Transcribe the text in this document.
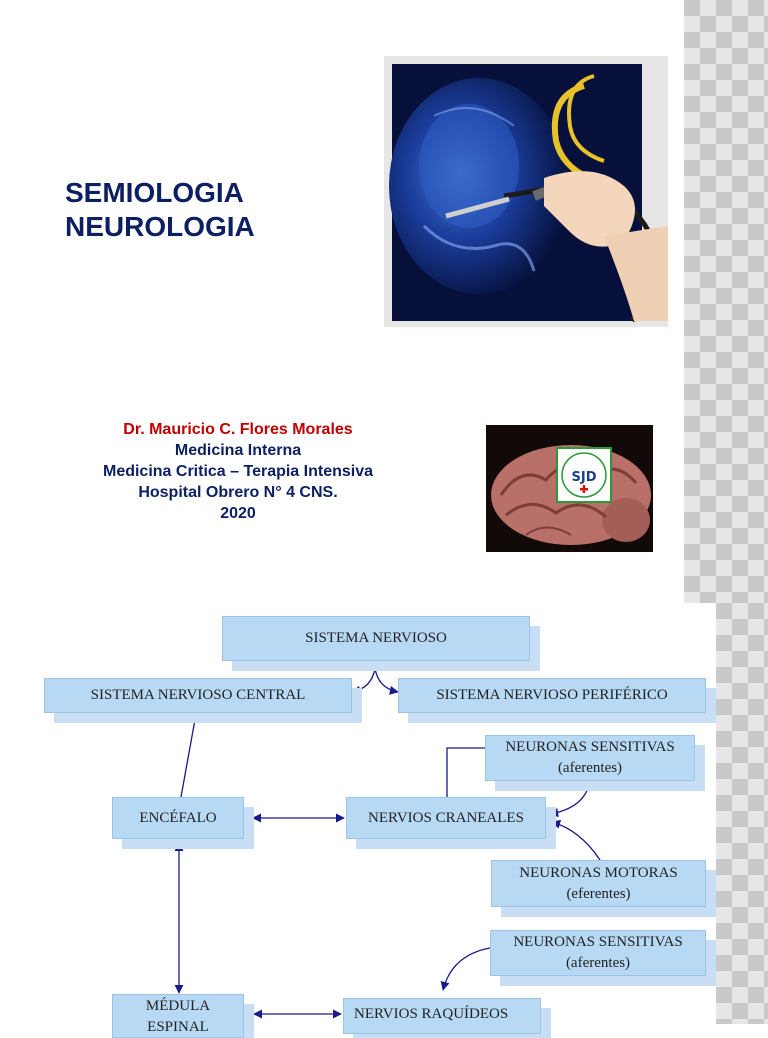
SEMIOLOGIA
NEUROLOGIA
Dr. Mauricio C. Flores Morales
Medicina Interna
Medicina Critica – Terapia Intensiva
Hospital Obrero N° 4 CNS.
2020
SJD
SISTEMA NERVIOSO
SISTEMA NERVIOSO CENTRAL	SISTEMA NERVIOSO PERIFÉRICO
NEURONAS SENSITIVAS
(aferentes)
ENCÉFALO	NERVIOS CRANEALES
NEURONAS MOTORAS
(eferentes)
NEURONAS SENSITIVAS
(aferentes)
MÉDULA
ESPINAL
NERVIOS RAQUÍDEOS
